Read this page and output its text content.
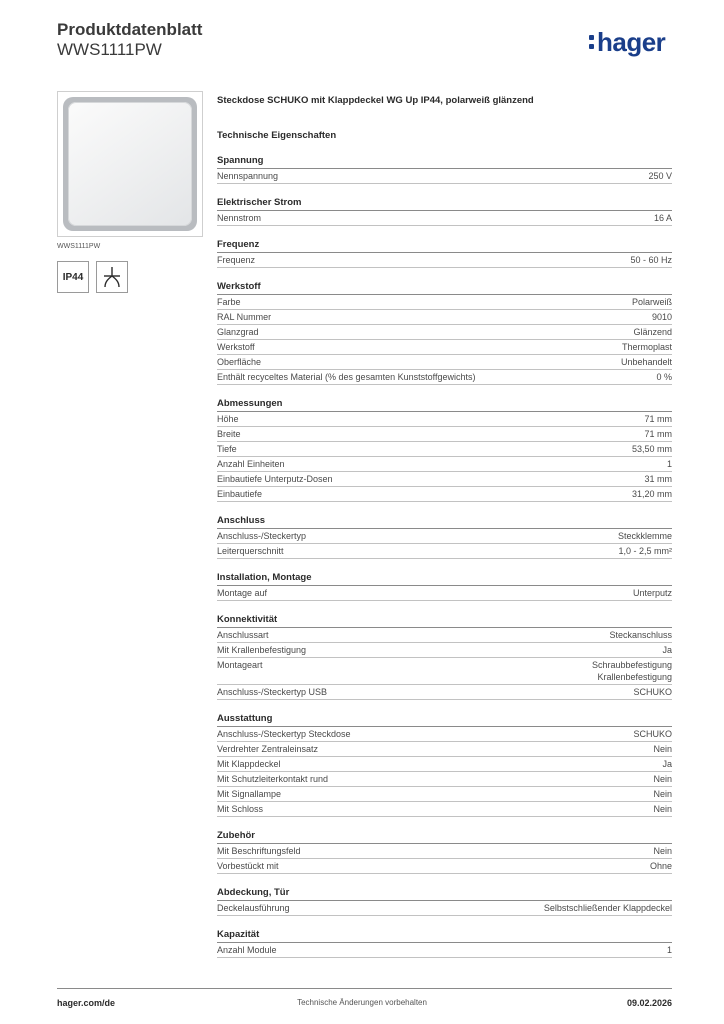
Produktdatenblatt
WWS1111PW	hager
WWS1111PW
IP44
Steckdose SCHUKO mit Klappdeckel WG Up IP44, polarweiß glänzend
Technische Eigenschaften
Spannung
Nennspannung	250 V
Elektrischer Strom
Nennstrom	16 A
Frequenz
Frequenz	50 - 60 Hz
Werkstoff
Farbe	Polarweiß
RAL Nummer	9010
Glanzgrad	Glänzend
Werkstoff	Thermoplast
Oberfläche	Unbehandelt
Enthält recyceltes Material (% des gesamten Kunststoffgewichts)	0 %
Abmessungen
Höhe	71 mm
Breite	71 mm
Tiefe	53,50 mm
Anzahl Einheiten	1
Einbautiefe Unterputz-Dosen	31 mm
Einbautiefe	31,20 mm
Anschluss
Anschluss-/Steckertyp	Steckklemme
Leiterquerschnitt	1,0 - 2,5 mm²
Installation, Montage
Montage auf	Unterputz
Konnektivität
Anschlussart	Steckanschluss
Mit Krallenbefestigung	Ja
Montageart	Schraubbefestigung
Krallenbefestigung
Anschluss-/Steckertyp USB	SCHUKO
Ausstattung
Anschluss-/Steckertyp Steckdose	SCHUKO
Verdrehter Zentraleinsatz	Nein
Mit Klappdeckel	Ja
Mit Schutzleiterkontakt rund	Nein
Mit Signallampe	Nein
Mit Schloss	Nein
Zubehör
Mit Beschriftungsfeld	Nein
Vorbestückt mit	Ohne
Abdeckung, Tür
Deckelausführung	Selbstschließender Klappdeckel
Kapazität
Anzahl Module	1
hager.com/de	Technische Änderungen vorbehalten	09.02.2026
